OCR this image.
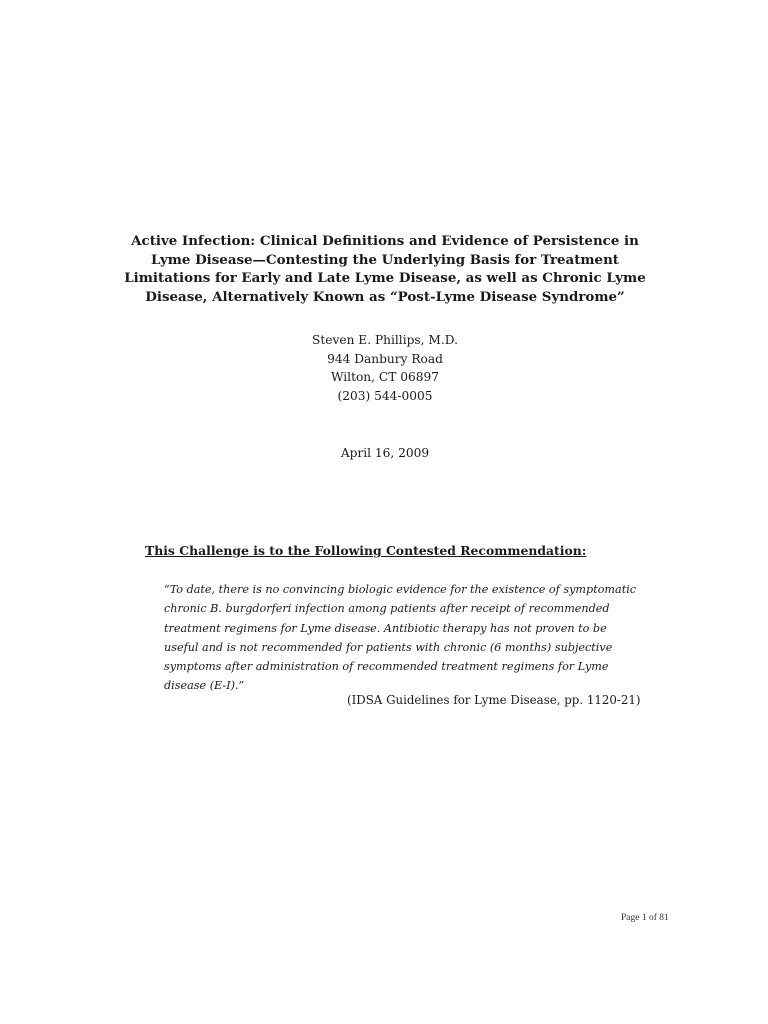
Active Infection: Clinical Definitions and Evidence of Persistence in
Lyme Disease—Contesting the Underlying Basis for Treatment
Limitations for Early and Late Lyme Disease, as well as Chronic Lyme
Disease, Alternatively Known as “Post-Lyme Disease Syndrome”
Steven E. Phillips, M.D.
944 Danbury Road
Wilton, CT 06897
(203) 544-0005
April 16, 2009
This Challenge is to the Following Contested Recommendation:
“To date, there is no convincing biologic evidence for the existence of symptomatic
chronic B. burgdorferi infection among patients after receipt of recommended
treatment regimens for Lyme disease. Antibiotic therapy has not proven to be
useful and is not recommended for patients with chronic (6 months) subjective
symptoms after administration of recommended treatment regimens for Lyme
disease (E-I).”
(IDSA Guidelines for Lyme Disease, pp. 1120-21)
Page 1 of 81
